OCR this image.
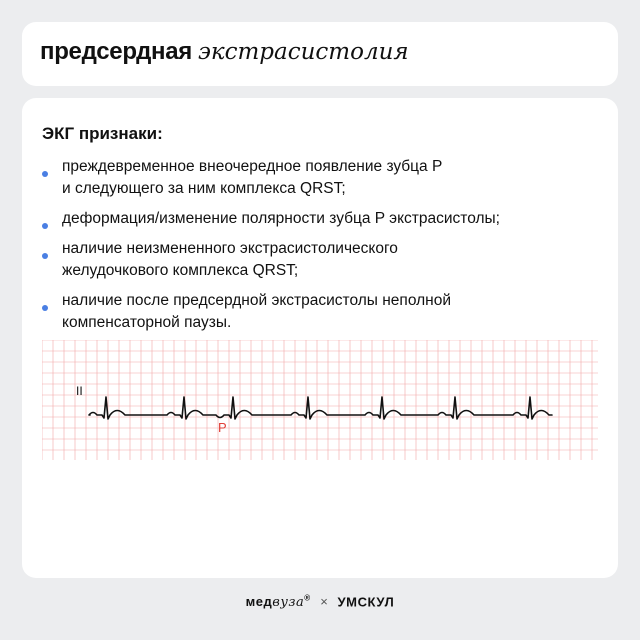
предсердная экстрасистолия
ЭКГ признаки:
преждевременное внеочередное появление зубца P
и следующего за ним комплекса QRST;
деформация/изменение полярности зубца P экстрасистолы;
наличие неизмененного экстрасистолического
желудочкового комплекса QRST;
наличие после предсердной экстрасистолы неполной
компенсаторной паузы.
II
P
медвуза® × УМСКУЛ
